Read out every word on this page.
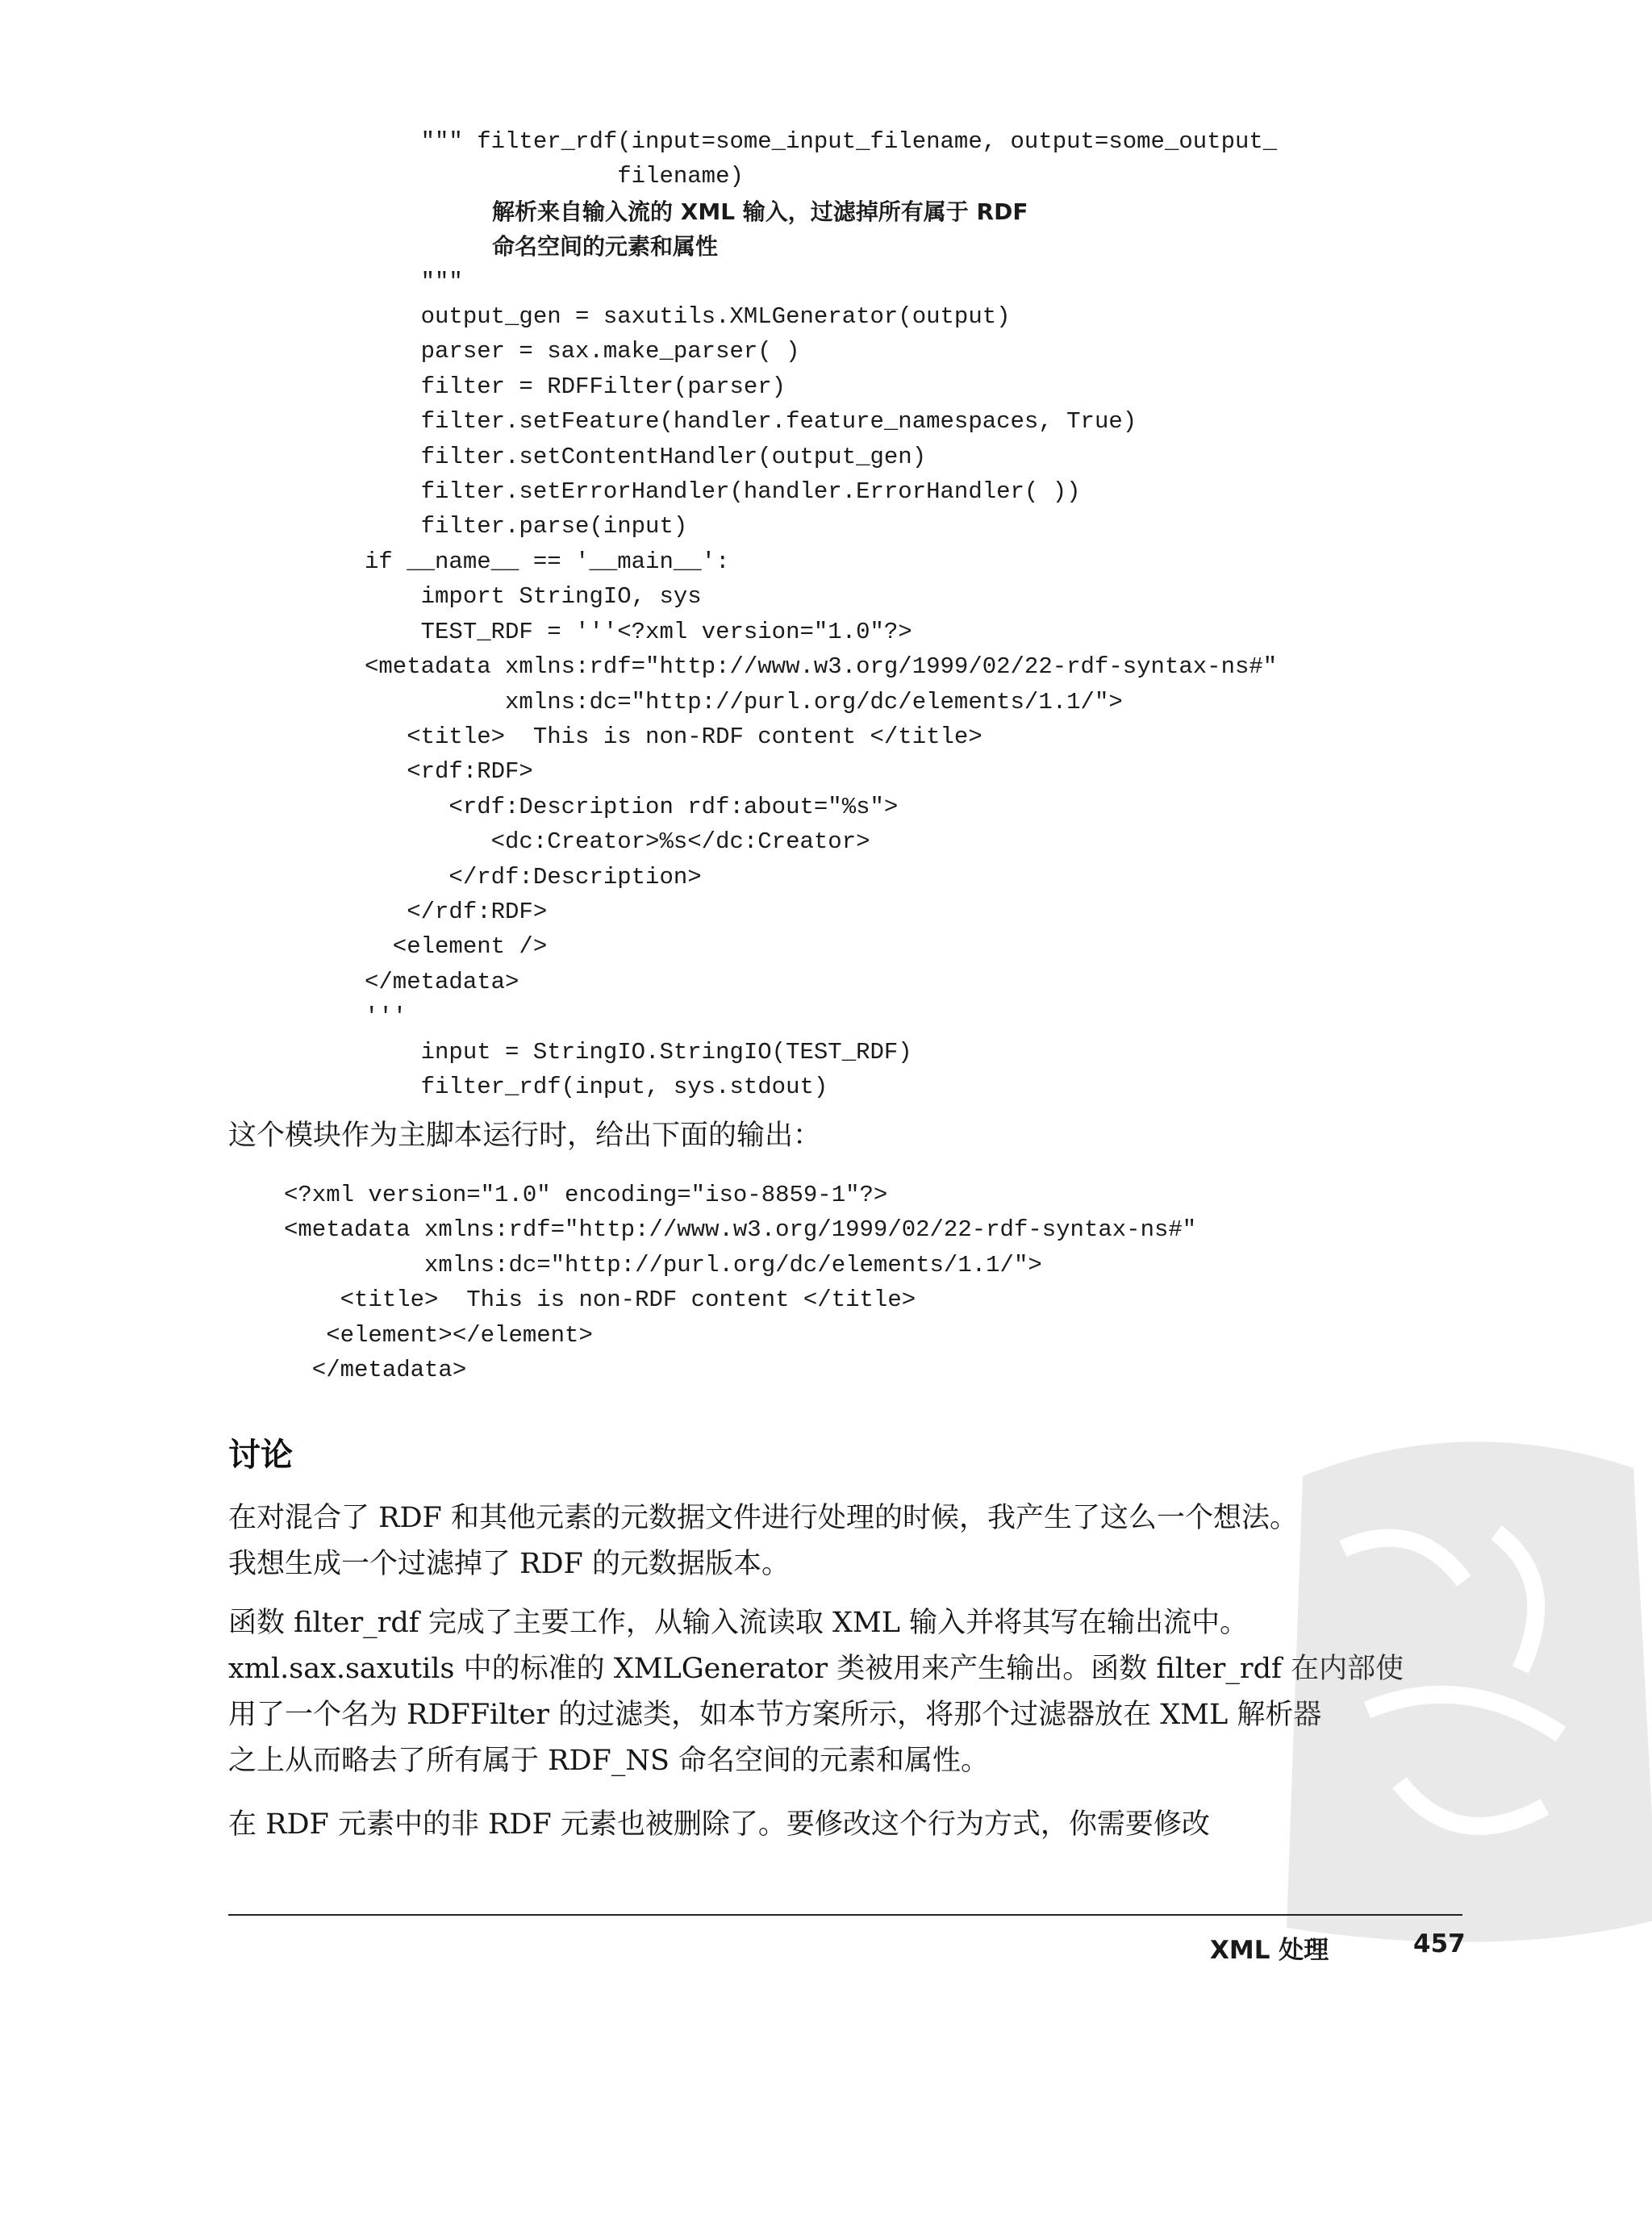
""" filter_rdf(input=some_input_filename, output=some_output_
filename)

"""
output_gen = saxutils.XMLGenerator(output)
parser = sax.make_parser( )
filter = RDFFilter(parser)
filter.setFeature(handler.feature_namespaces, True)
filter.setContentHandler(output_gen)
filter.setErrorHandler(handler.ErrorHandler( ))
filter.parse(input)
if __name__ == '__main__':
import StringIO, sys
TEST_RDF = '''<?xml version="1.0"?>
<metadata xmlns:rdf="http://www.w3.org/1999/02/22-rdf-syntax-ns#"
xmlns:dc="http://purl.org/dc/elements/1.1/">
<title>  This is non-RDF content </title>
<rdf:RDF>
<rdf:Description rdf:about="%s">
<dc:Creator>%s</dc:Creator>
</rdf:Description>
</rdf:RDF>
<element />
</metadata>
'''
input = StringIO.StringIO(TEST_RDF)
filter_rdf(input, sys.stdout)
解析来自输入流的 XML 输入，过滤掉所有属于 RDF
命名空间的元素和属性

这个模块作为主脚本运行时，给出下面的输出：

<?xml version="1.0" encoding="iso-8859-1"?>
<metadata xmlns:rdf="http://www.w3.org/1999/02/22-rdf-syntax-ns#"
xmlns:dc="http://purl.org/dc/elements/1.1/">
<title>  This is non-RDF content </title>
<element></element>
</metadata>
讨论

在对混合了 RDF 和其他元素的元数据文件进行处理的时候，我产生了这么一个想法。
我想生成一个过滤掉了 RDF 的元数据版本。

函数 filter_rdf 完成了主要工作，从输入流读取 XML 输入并将其写在输出流中。
xml.sax.saxutils 中的标准的 XMLGenerator 类被用来产生输出。函数 filter_rdf 在内部使
用了一个名为 RDFFilter 的过滤类，如本节方案所示，将那个过滤器放在 XML 解析器
之上从而略去了所有属于 RDF_NS 命名空间的元素和属性。

在 RDF 元素中的非 RDF 元素也被删除了。要修改这个行为方式，你需要修改

XML 处理	457
